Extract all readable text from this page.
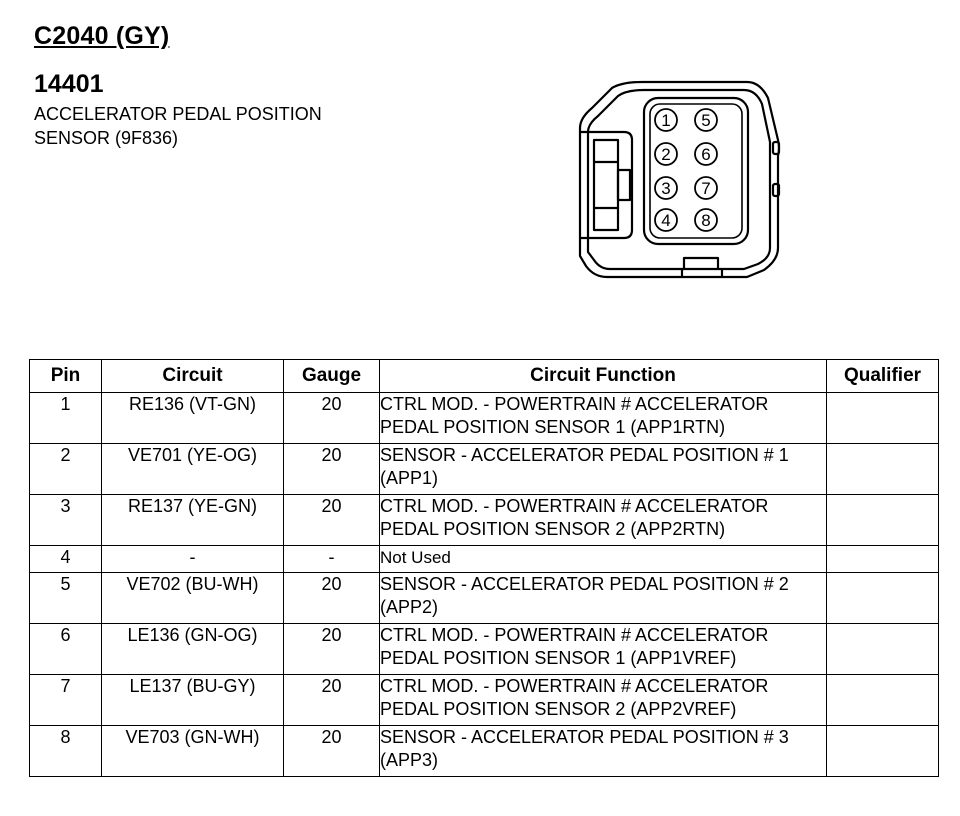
C2040 (GY)
14401
ACCELERATOR PEDAL POSITION
SENSOR (9F836)
1
2
3
4
5
6
7
8
Pin	Circuit	Gauge	Circuit Function	Qualifier
1	RE136 (VT-GN)	20	CTRL MOD. - POWERTRAIN # ACCELERATOR
PEDAL POSITION SENSOR 1 (APP1RTN)	

2	VE701 (YE-OG)	20	SENSOR - ACCELERATOR PEDAL POSITION # 1
(APP1)	

3	RE137 (YE-GN)	20	CTRL MOD. - POWERTRAIN # ACCELERATOR
PEDAL POSITION SENSOR 2 (APP2RTN)	

4	-	-	Not Used	

5	VE702 (BU-WH)	20	SENSOR - ACCELERATOR PEDAL POSITION # 2
(APP2)	

6	LE136 (GN-OG)	20	CTRL MOD. - POWERTRAIN # ACCELERATOR
PEDAL POSITION SENSOR 1 (APP1VREF)	

7	LE137 (BU-GY)	20	CTRL MOD. - POWERTRAIN # ACCELERATOR
PEDAL POSITION SENSOR 2 (APP2VREF)	

8	VE703 (GN-WH)	20	SENSOR - ACCELERATOR PEDAL POSITION # 3
(APP3)	
